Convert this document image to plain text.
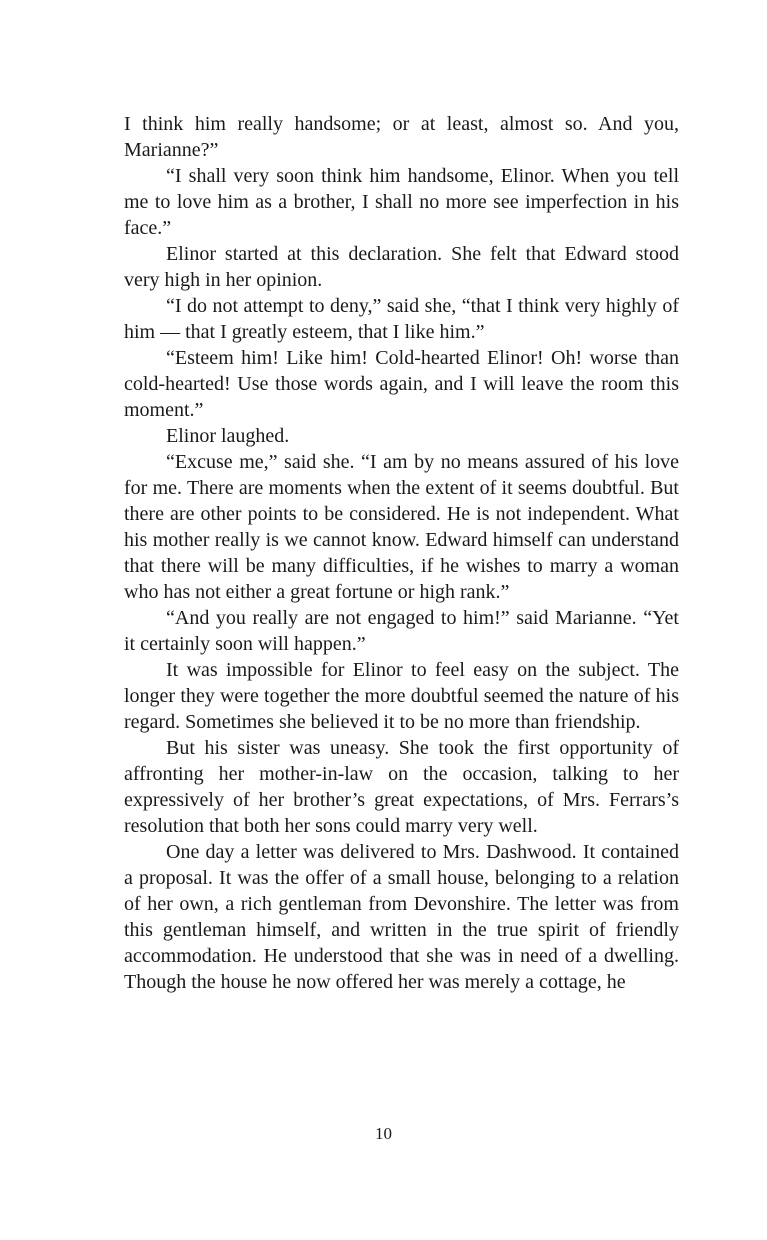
I think him really handsome; or at least, almost so. And you, Marianne?”

“I shall very soon think him handsome, Elinor. When you tell me to love him as a brother, I shall no more see imperfection in his face.”

Elinor started at this declaration. She felt that Edward stood very high in her opinion.

“I do not attempt to deny,” said she, “that I think very highly of him — that I greatly esteem, that I like him.”

“Esteem him! Like him! Cold-hearted Elinor! Oh! worse than cold-hearted! Use those words again, and I will leave the room this moment.”

Elinor laughed.

“Excuse me,” said she. “I am by no means assured of his love for me. There are moments when the extent of it seems doubtful. But there are other points to be considered. He is not independent. What his mother really is we cannot know. Edward himself can understand that there will be many difficulties, if he wishes to marry a woman who has not either a great fortune or high rank.”

“And you really are not engaged to him!” said Marianne. “Yet it certainly soon will happen.”

It was impossible for Elinor to feel easy on the subject. The longer they were together the more doubtful seemed the nature of his regard. Sometimes she believed it to be no more than friendship.

But his sister was uneasy. She took the first opportunity of affronting her mother-in-law on the occasion, talking to her expressively of her brother’s great expectations, of Mrs. Ferrars’s resolution that both her sons could marry very well.

One day a letter was delivered to Mrs. Dashwood. It contained a proposal. It was the offer of a small house, belonging to a relation of her own, a rich gentleman from Devonshire. The letter was from this gentleman himself, and written in the true spirit of friendly accommodation. He understood that she was in need of a dwelling. Though the house he now offered her was merely a cottage, he

10
